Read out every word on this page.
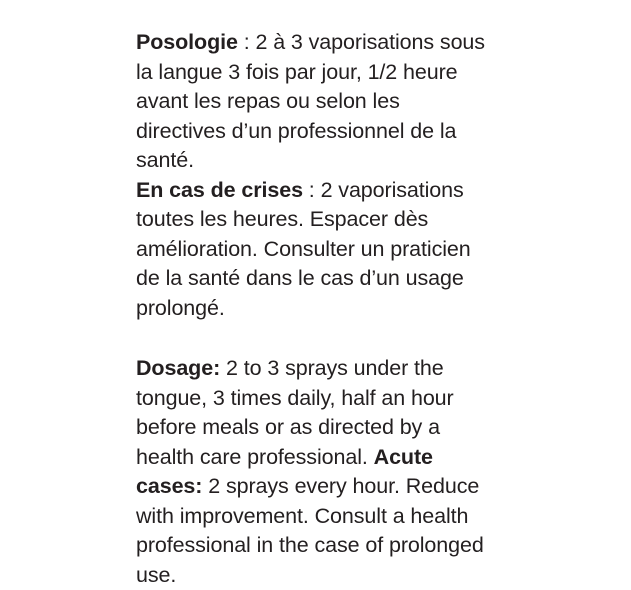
Posologie : 2 à 3 vaporisations sous la langue 3 fois par jour, 1/2 heure avant les repas ou selon les directives d’un professionnel de la santé.

En cas de crises : 2 vaporisations toutes les heures. Espacer dès amélioration. Consulter un praticien de la santé dans le cas d’un usage prolongé.

Dosage: 2 to 3 sprays under the tongue, 3 times daily, half an hour before meals or as directed by a health care professional. Acute cases: 2 sprays every hour. Reduce with improvement. Consult a health professional in the case of prolonged use.
